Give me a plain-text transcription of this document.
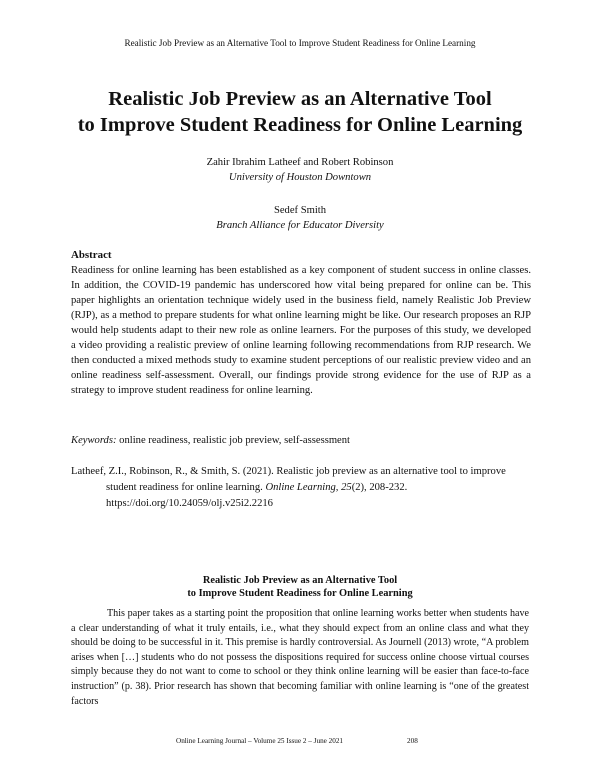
Realistic Job Preview as an Alternative Tool to Improve Student Readiness for Online Learning
Realistic Job Preview as an Alternative Tool
to Improve Student Readiness for Online Learning
Zahir Ibrahim Latheef and Robert Robinson
University of Houston Downtown
Sedef Smith
Branch Alliance for Educator Diversity
Abstract
Readiness for online learning has been established as a key component of student success in online classes. In addition, the COVID-19 pandemic has underscored how vital being prepared for online can be. This paper highlights an orientation technique widely used in the business field, namely Realistic Job Preview (RJP), as a method to prepare students for what online learning might be like. Our research proposes an RJP would help students adapt to their new role as online learners. For the purposes of this study, we developed a video providing a realistic preview of online learning following recommendations from RJP research. We then conducted a mixed methods study to examine student perceptions of our realistic preview video and an online readiness self-assessment. Overall, our findings provide strong evidence for the use of RJP as a strategy to improve student readiness for online learning.
Keywords: online readiness, realistic job preview, self-assessment
Latheef, Z.I., Robinson, R., & Smith, S. (2021). Realistic job preview as an alternative tool to improve student readiness for online learning. Online Learning, 25(2), 208-232. https://doi.org/10.24059/olj.v25i2.2216
Realistic Job Preview as an Alternative Tool
to Improve Student Readiness for Online Learning
This paper takes as a starting point the proposition that online learning works better when students have a clear understanding of what it truly entails, i.e., what they should expect from an online class and what they should be doing to be successful in it. This premise is hardly controversial. As Journell (2013) wrote, “A problem arises when […] students who do not possess the dispositions required for success online choose virtual courses simply because they do not want to come to school or they think online learning will be easier than face-to-face instruction” (p. 38). Prior research has shown that becoming familiar with online learning is “one of the greatest factors
Online Learning Journal – Volume 25 Issue 2 – June 2021	208
